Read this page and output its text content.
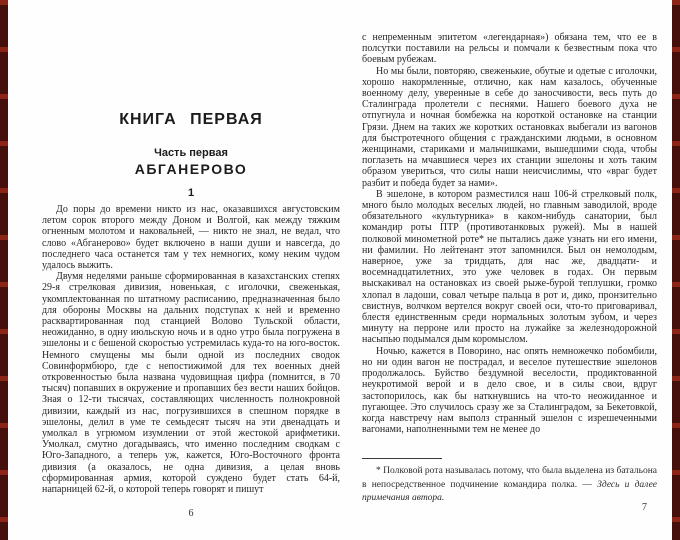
КНИГА ПЕРВАЯ
Часть первая
АБГАНЕРОВО
1

До поры до времени никто из нас, оказавшихся августовским летом сорок второго между Доном и Волгой, как между тяжким огненным молотом и наковальней, — никто не знал, не ведал, что слово «Абганерово» будет включено в наши души и навсегда, до последнего часа останется там у тех немногих, кому неким чудом удалось выжить.

Двумя неделями раньше сформированная в казахстанских степях 29-я стрелковая дивизия, новенькая, с иголочки, свеженькая, укомплектованная по штатному расписанию, предназначенная было для обороны Москвы на дальних подступах к ней и временно расквартированная под станцией Волово Тульской области, неожиданно, в одну июльскую ночь и в одно утро была погружена в эшелоны и с бешеной скоростью устремилась куда-то на юго-восток. Немного смущены мы были одной из последних сводок Совинформбюро, где с непостижимой для тех военных дней откровенностью была названа чудовищная цифра (помнится, в 70 тысяч) попавших в окружение и пропавших без вести наших бойцов. Зная о 12-ти тысячах, составляющих численность полнокровной дивизии, каждый из нас, погрузившихся в спешном порядке в эшелоны, делил в уме те семьдесят тысяч на эти двенадцать и умолкал в угрюмом изумлении от этой жестокой арифметики. Умолкал, смутно догадываясь, что именно последним сводкам с Юго-Западного, а теперь уж, кажется, Юго-Восточного фронта дивизия (а оказалось, не одна дивизия, а целая вновь сформированная армия, которой суждено будет стать 64-й, напарницей 62-й, о которой теперь говорят и пишут

6

с непременным эпитетом «легендарная») обязана тем, что ее в полсутки поставили на рельсы и помчали к безвестным пока что боевым рубежам.

Но мы были, повторяю, свеженькие, обутые и одетые с иголочки, хорошо накормленные, отлично, как нам казалось, обученные военному делу, уверенные в себе до заносчивости, весь путь до Сталинграда пролетели с песнями. Нашего боевого духа не отпугнула и ночная бомбежка на короткой остановке на станции Грязи. Днем на таких же коротких остановках выбегали из вагонов для быстротечного общения с гражданскими людьми, в основном женщинами, стариками и мальчишками, вышедшими сюда, чтобы поглазеть на мчавшиеся через их станции эшелоны и хоть таким образом увериться, что силы наши неисчислимы, что «враг будет разбит и победа будет за нами».

В эшелоне, в котором разместился наш 106-й стрелковый полк, много было молодых веселых людей, но главным заводилой, вроде обязательного «культурника» в каком-нибудь санатории, был командир роты ПТР (противотанковых ружей). Мы в нашей полковой минометной роте* не пытались даже узнать ни его имени, ни фамилии. Но лейтенант этот запомнился. Был он немолодым, наверное, уже за тридцать, для нас же, двадцати- и восемнадцатилетних, это уже человек в годах. Он первым выскакивал на остановках из своей рыже-бурой теплушки, громко хлопал в ладоши, совал четыре пальца в рот и, дико, пронзительно свистнув, волчком вертелся вокруг своей оси, что-то приговаривал, блестя единственным среди нормальных золотым зубом, и через минуту на перроне или просто на лужайке за железнодорожной насыпью подымался дым коромыслом.

Ночью, кажется в Поворино, нас опять немножечко побомбили, но ни один вагон не пострадал, и веселое путешествие эшелонов продолжалось. Буйство бездумной веселости, продиктованной неукротимой верой и в дело свое, и в силы свои, вдруг застопорилось, как бы наткнувшись на что-то неожиданное и пугающее. Это случилось сразу же за Сталинградом, за Бекетовкой, когда навстречу нам выполз странный эшелон с изрешеченными вагонами, наполненными тем не менее до

* Полковой рота называлась потому, что была выделена из батальона в непосредственное подчинение командира полка. — Здесь и далее примечания автора.
7
